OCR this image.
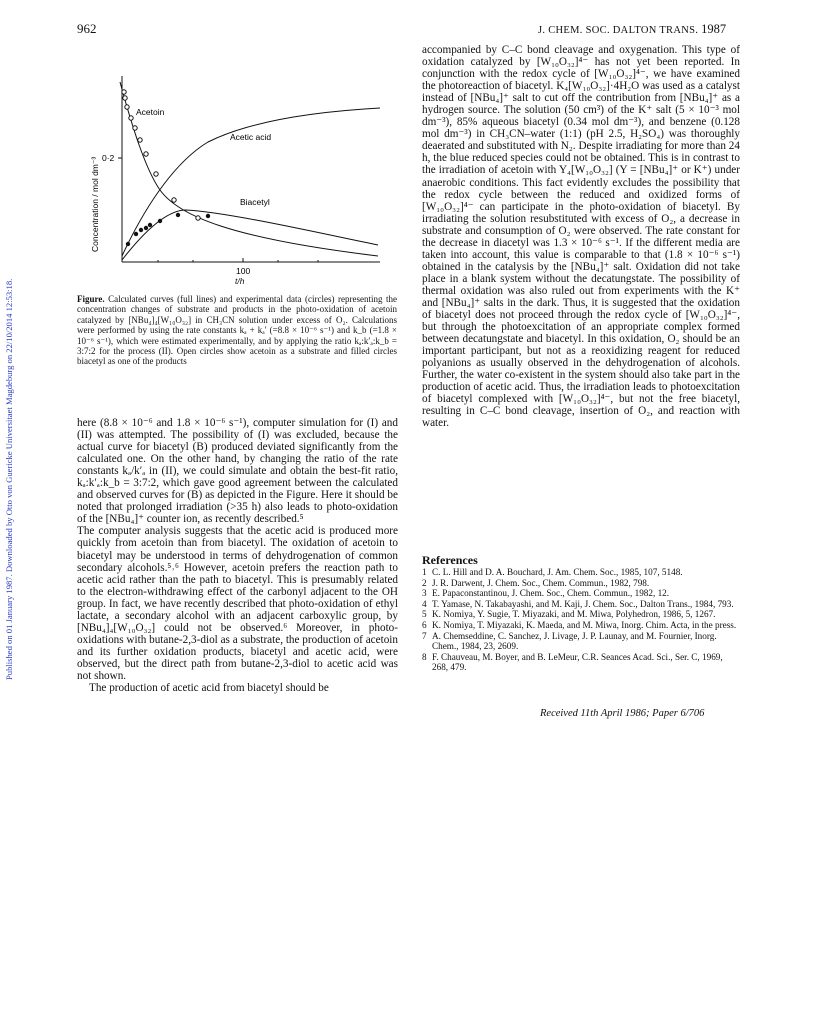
Published on 01 January 1987. Downloaded by Otto von Guericke Universitaet Magdeburg on 22/10/2014 12:53:18.
962	J. CHEM. SOC. DALTON TRANS. 1987
Acetoin
Acetic acid
Biacetyl
0·2
100
Concentration / mol dm⁻³
t/h
Figure. Calculated curves (full lines) and experimental data (circles) representing the concentration changes of substrate and products in the photo-oxidation of acetoin catalyzed by [NBu₄]₄[W₁₀O₃₂] in CH₃CN solution under excess of O₂. Calculations were performed by using the rate constants kₐ + kₐ′ (=8.8 × 10⁻⁶ s⁻¹) and k_b (=1.8 × 10⁻⁶ s⁻¹), which were estimated experimentally, and by applying the ratio kₐ:k′ₐ:k_b = 3:7:2 for the process (II). Open circles show acetoin as a substrate and filled circles biacetyl as one of the products

here (8.8 × 10⁻⁶ and 1.8 × 10⁻⁶ s⁻¹), computer simulation for (I) and (II) was attempted. The possibility of (I) was excluded, because the actual curve for biacetyl (B) produced deviated significantly from the calculated one. On the other hand, by changing the ratio of the rate constants kₐ/k′ₐ in (II), we could simulate and obtain the best-fit ratio, kₐ:k′ₐ:k_b = 3:7:2, which gave good agreement between the calculated and observed curves for (B) as depicted in the Figure. Here it should be noted that prolonged irradiation (>35 h) also leads to photo-oxidation of the [NBu₄]⁺ counter ion, as recently described.⁵

The computer analysis suggests that the acetic acid is produced more quickly from acetoin than from biacetyl. The oxidation of acetoin to biacetyl may be understood in terms of dehydrogenation of common secondary alcohols.⁵˒⁶ However, acetoin prefers the reaction path to acetic acid rather than the path to biacetyl. This is presumably related to the electron-withdrawing effect of the carbonyl adjacent to the OH group. In fact, we have recently described that photo-oxidation of ethyl lactate, a secondary alcohol with an adjacent carboxylic group, by [NBu₄]₄[W₁₀O₃₂] could not be observed.⁶ Moreover, in photo-oxidations with butane-2,3-diol as a substrate, the production of acetoin and its further oxidation products, biacetyl and acetic acid, were observed, but the direct path from butane-2,3-diol to acetic acid was not shown.

The production of acetic acid from biacetyl should be

accompanied by C–C bond cleavage and oxygenation. This type of oxidation catalyzed by [W₁₀O₃₂]⁴⁻ has not yet been reported. In conjunction with the redox cycle of [W₁₀O₃₂]⁴⁻, we have examined the photoreaction of biacetyl. K₄[W₁₀O₃₂]·4H₂O was used as a catalyst instead of [NBu₄]⁺ salt to cut off the contribution from [NBu₄]⁺ as a hydrogen source. The solution (50 cm³) of the K⁺ salt (5 × 10⁻³ mol dm⁻³), 85% aqueous biacetyl (0.34 mol dm⁻³), and benzene (0.128 mol dm⁻³) in CH₃CN–water (1:1) (pH 2.5, H₂SO₄) was thoroughly deaerated and substituted with N₂. Despite irradiating for more than 24 h, the blue reduced species could not be obtained. This is in contrast to the irradiation of acetoin with Y₄[W₁₀O₃₂] (Y = [NBu₄]⁺ or K⁺) under anaerobic conditions. This fact evidently excludes the possibility that the redox cycle between the reduced and oxidized forms of [W₁₀O₃₂]⁴⁻ can participate in the photo-oxidation of biacetyl. By irradiating the solution resubstituted with excess of O₂, a decrease in substrate and consumption of O₂ were observed. The rate constant for the decrease in diacetyl was 1.3 × 10⁻⁶ s⁻¹. If the different media are taken into account, this value is comparable to that (1.8 × 10⁻⁶ s⁻¹) obtained in the catalysis by the [NBu₄]⁺ salt. Oxidation did not take place in a blank system without the decatungstate. The possibility of thermal oxidation was also ruled out from experiments with the K⁺ and [NBu₄]⁺ salts in the dark. Thus, it is suggested that the oxidation of biacetyl does not proceed through the redox cycle of [W₁₀O₃₂]⁴⁻, but through the photoexcitation of an appropriate complex formed between decatungstate and biacetyl. In this oxidation, O₂ should be an important participant, but not as a reoxidizing reagent for reduced polyanions as usually observed in the dehydrogenation of alcohols. Further, the water co-existent in the system should also take part in the production of acetic acid. Thus, the irradiation leads to photoexcitation of biacetyl complexed with [W₁₀O₃₂]⁴⁻, but not the free biacetyl, resulting in C–C bond cleavage, insertion of O₂, and reaction with water.

References
1 C. L. Hill and D. A. Bouchard, J. Am. Chem. Soc., 1985, 107, 5148.
2 J. R. Darwent, J. Chem. Soc., Chem. Commun., 1982, 798.
3 E. Papaconstantinou, J. Chem. Soc., Chem. Commun., 1982, 12.
4 T. Yamase, N. Takabayashi, and M. Kaji, J. Chem. Soc., Dalton Trans., 1984, 793.
5 K. Nomiya, Y. Sugie, T. Miyazaki, and M. Miwa, Polyhedron, 1986, 5, 1267.
6 K. Nomiya, T. Miyazaki, K. Maeda, and M. Miwa, Inorg. Chim. Acta, in the press.
7 A. Chemseddine, C. Sanchez, J. Livage, J. P. Launay, and M. Fournier, Inorg. Chem., 1984, 23, 2609.
8 F. Chauveau, M. Boyer, and B. LeMeur, C.R. Seances Acad. Sci., Ser. C, 1969, 268, 479.
Received 11th April 1986; Paper 6/706
